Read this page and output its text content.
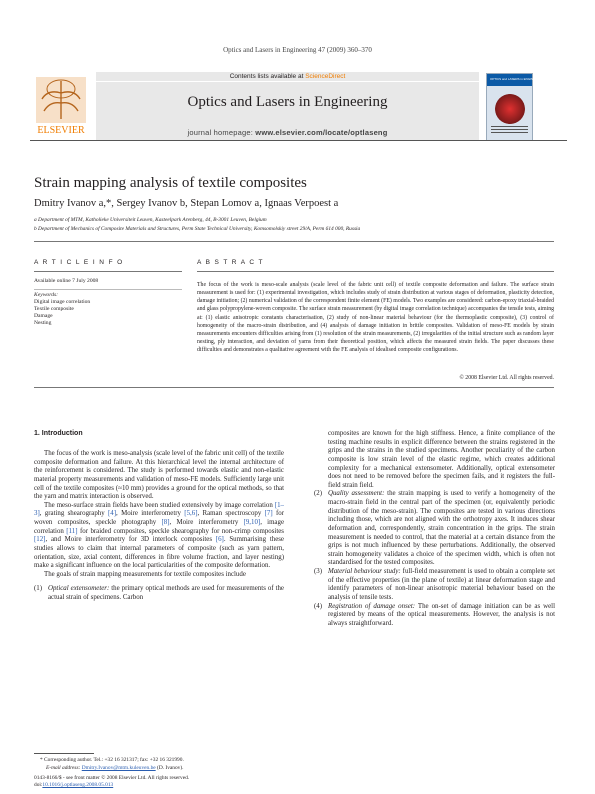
Optics and Lasers in Engineering 47 (2009) 360–370
ELSEVIER
Contents lists available at ScienceDirect
Optics and Lasers in Engineering
journal homepage: www.elsevier.com/locate/optlaseng
OPTICS and LASERS in ENGINEERING
Strain mapping analysis of textile composites
Dmitry Ivanov a,*, Sergey Ivanov b, Stepan Lomov a, Ignaas Verpoest a
a Department of MTM, Katholieke Universiteit Leuven, Kasteelpark Arenberg, 44, B-3001 Leuven, Belgium
b Department of Mechanics of Composite Materials and Structures, Perm State Technical University, Komsomolskiy street 29/A, Perm 614 000, Russia
A R T I C L E I N F O
Available online 7 July 2008
Keywords:
Digital image correlation
Textile composite
Damage
Nesting
A B S T R A C T
The focus of the work is meso-scale analysis (scale level of the fabric unit cell) of textile composite deformation and failure. The surface strain measurement is used for: (1) experimental investigation, which includes study of strain distribution at various stages of deformation, plasticity detection, damage initiation; (2) numerical validation of the correspondent finite element (FE) models. Two examples are considered: carbon-epoxy triaxial-braided and glass polypropylene-woven composite. The surface strain measurement (by digital image correlation technique) accompanies the tensile tests, aiming at: (1) elastic anisotropic constants characterisation, (2) study of non-linear material behaviour (for the thermoplastic composite), (3) control of homogeneity of the macro-strain distribution, and (4) analysis of damage initiation in brittle composites. Validation of meso-FE models by strain measurements encounters difficulties arising from (1) resolution of the strain measurements, (2) irregularities of the initial structure such as random layer nesting, ply interaction, and deviation of yarns from their theoretical position, which affects the measured strain fields. The paper discusses these difficulties and demonstrates a qualitative agreement with the FE analysis of idealised composite configurations.
© 2008 Elsevier Ltd. All rights reserved.
1. Introduction

The focus of the work is meso-analysis (scale level of the fabric unit cell) of the textile composite deformation and failure. At this hierarchical level the internal architecture of the reinforcement is considered. The study is performed towards elastic and non-elastic material property measurements and validation of meso-FE models. Sufficiently large unit cell of the textile composites (≈10 mm) provides a ground for the optical methods, so that the yarn and matrix interaction is observed.

The meso-surface strain fields have been studied extensively by image correlation [1–3], grating shearography [4], Moire interferometry [5,6], Raman spectroscopy [7] for woven composites, speckle photography [8], Moire interferometry [9,10], image correlation [11] for braided composites, speckle shearography for non-crimp composites [12], and Moire interferometry for 3D interlock composites [6]. Summarising these studies allows to claim that internal parameters of composite (such as yarn pattern, orientation, size, axial content, differences in fibre volume fraction, and layer nesting) make a significant influence on the local particularities of the composite deformation.

The goals of strain mapping measurements for textile composites include

(1) Optical extensometer: the primary optical methods are used for measurements of the actual strain of specimens. Carbon

composites are known for the high stiffness. Hence, a finite compliance of the testing machine results in explicit difference between the strains registered in the grips and the strains in the studied specimens. Another peculiarity of the carbon composite is low strain level of the elastic regime, which creates additional complexity for a mechanical extensometer. Additionally, optical extensometer does not need to be removed before the specimen fails, and it registers the full-field strain field.

(2) Quality assessment: the strain mapping is used to verify a homogeneity of the macro-strain field in the central part of the specimen (or, equivalently periodic distribution of the meso-strain). The composites are tested in various directions including those, which are not aligned with the orthotropy axes. It induces shear deformation and, correspondently, strain concentration in the grips. The strain measurement is needed to control, that the material at a certain distance from the grips is not much influenced by these perturbations. Additionally, the observed strain homogeneity validates a choice of the specimen width, which is often not standardised for the tested composites.

(3) Material behaviour study: full-field measurement is used to obtain a complete set of the effective properties (in the plane of textile) at linear deformation stage and identify parameters of non-linear anisotropic material behaviour based on the analysis of tensile tests.

(4) Registration of damage onset: The on-set of damage initiation can be as well registered by means of the optical measurements. However, the analysis is not always straightforward.

* Corresponding author. Tel.: +32 16 321317; fax: +32 16 321990.
E-mail address: Dmitry.Ivanov@mtm.kuleuven.be (D. Ivanov).
0143-8166/$ - see front matter © 2008 Elsevier Ltd. All rights reserved.
doi:10.1016/j.optlaseng.2008.05.013
